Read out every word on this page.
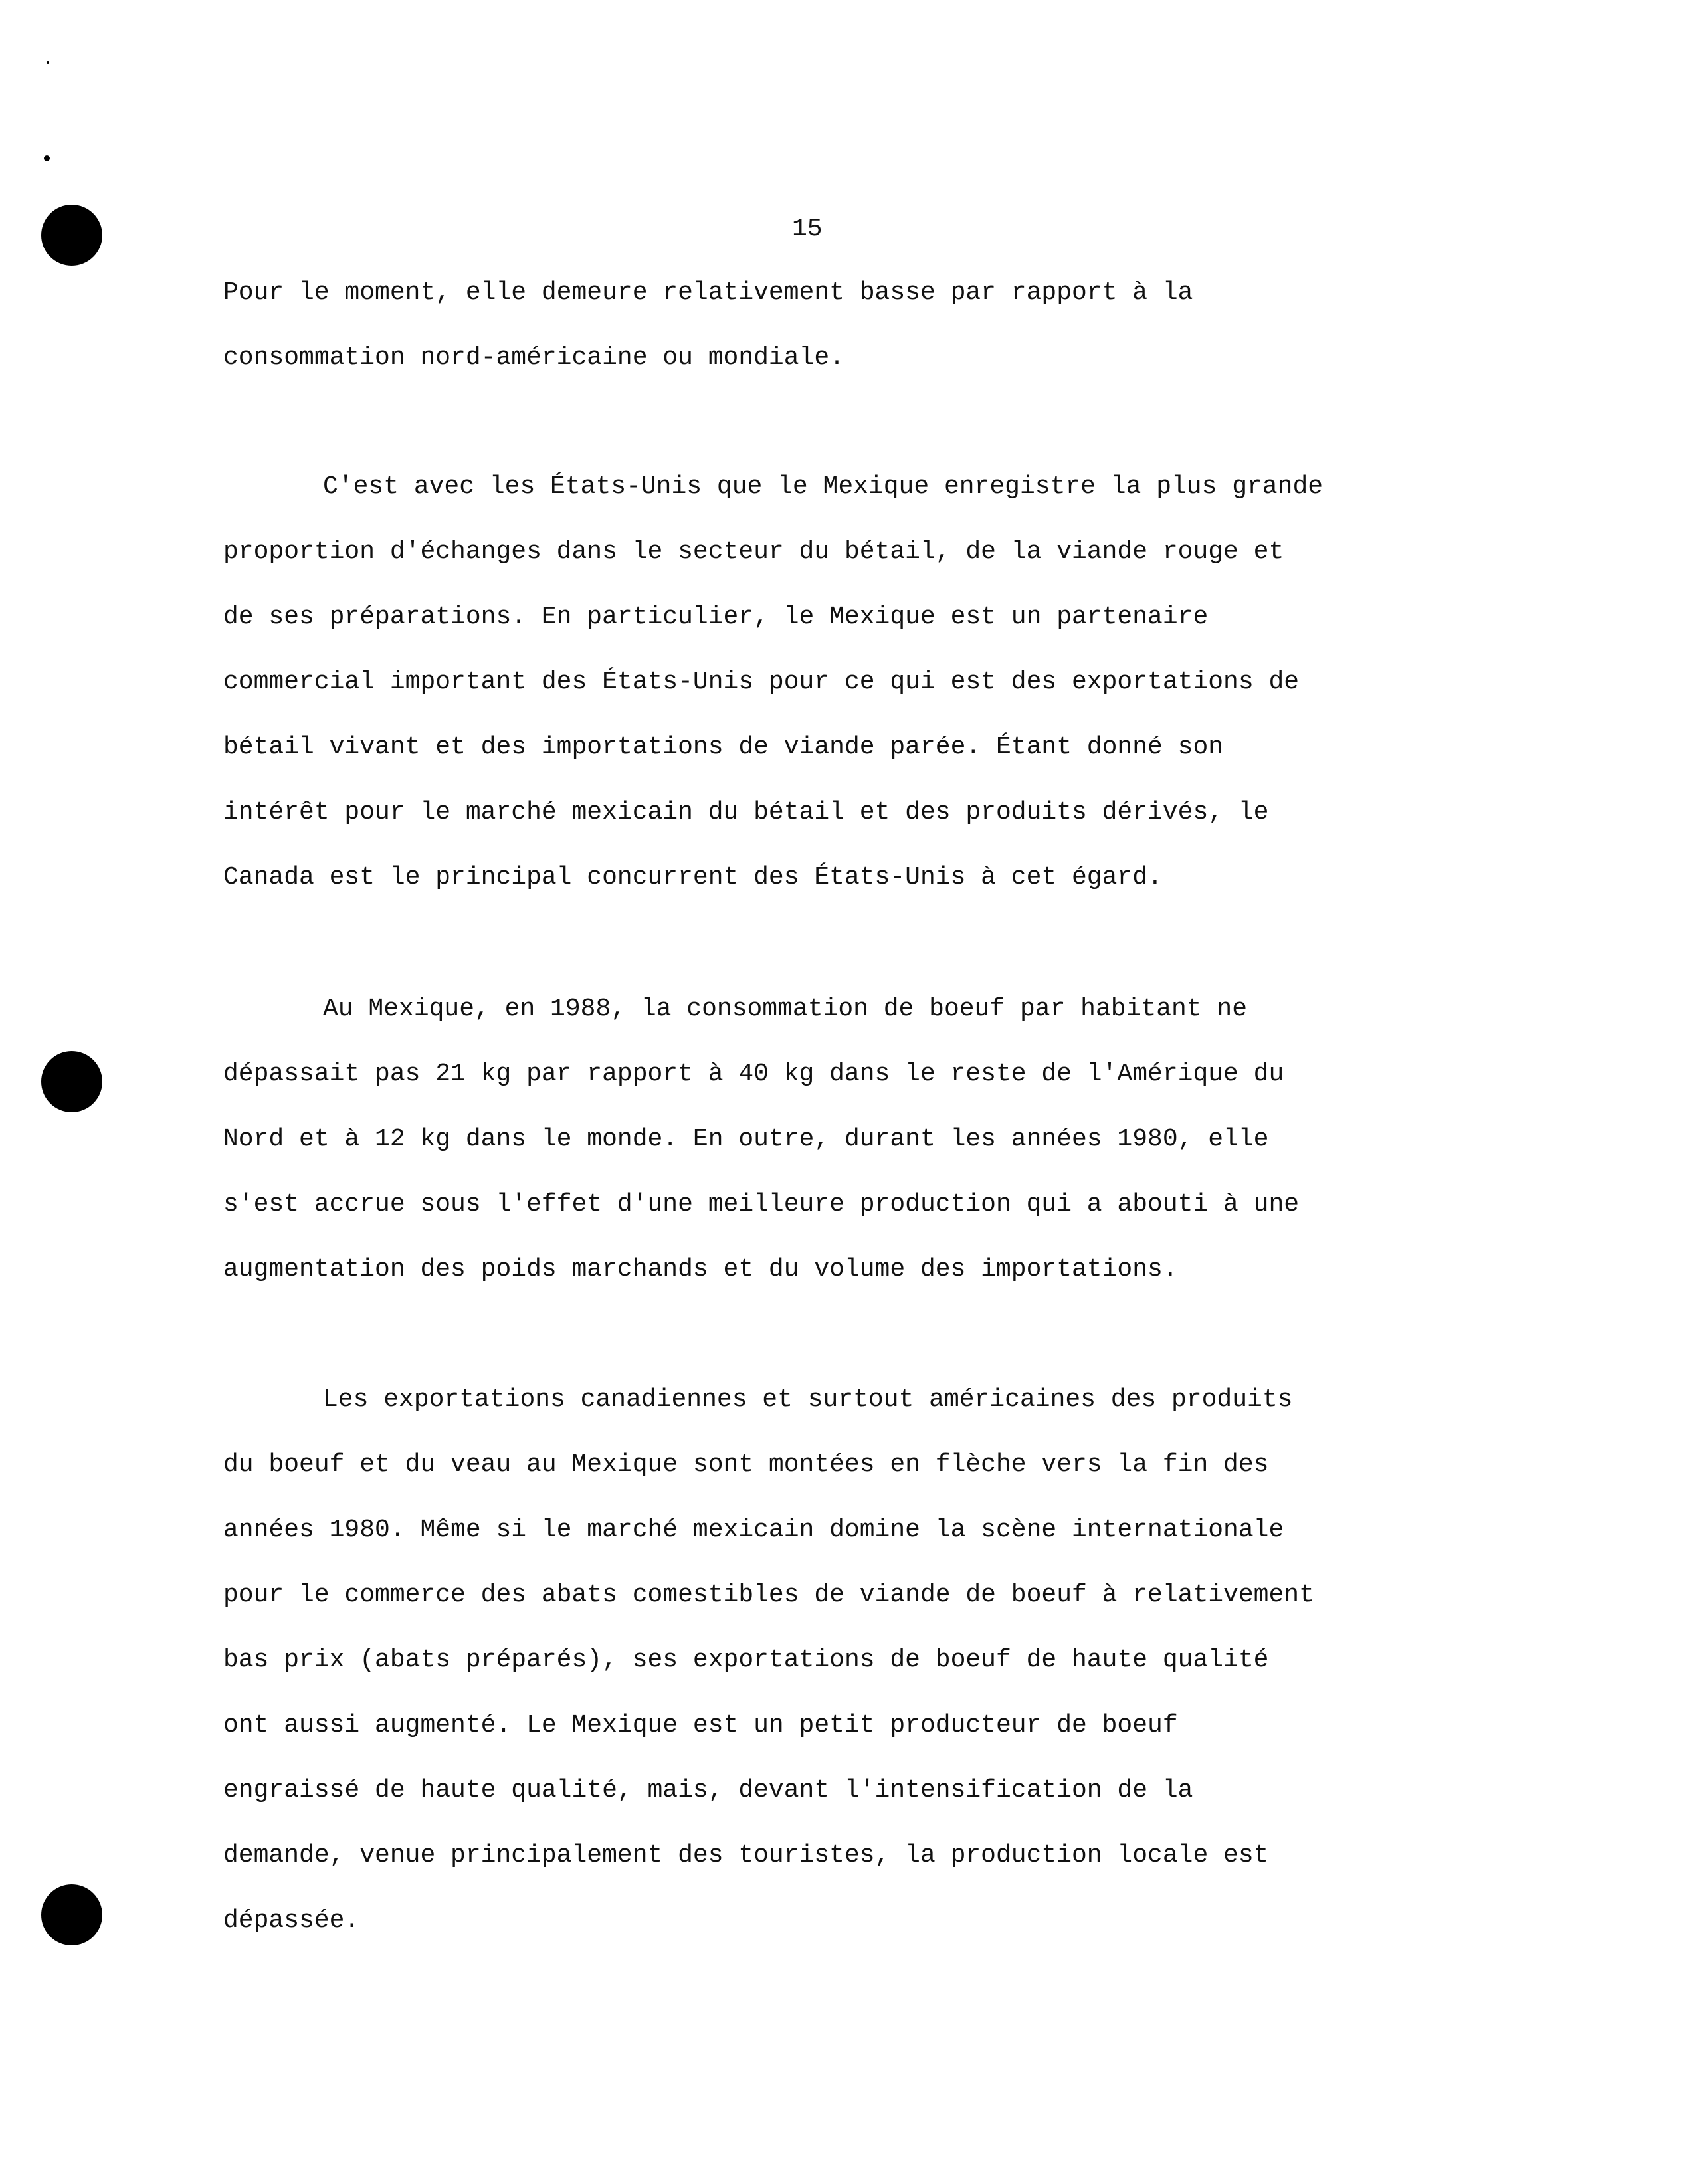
15
Pour le moment, elle demeure relativement basse par rapport à la
consommation nord-américaine ou mondiale.
C'est avec les États-Unis que le Mexique enregistre la plus grande
proportion d'échanges dans le secteur du bétail, de la viande rouge et
de ses préparations. En particulier, le Mexique est un partenaire
commercial important des États-Unis pour ce qui est des exportations de
bétail vivant et des importations de viande parée. Étant donné son
intérêt pour le marché mexicain du bétail et des produits dérivés, le
Canada est le principal concurrent des États-Unis à cet égard.
Au Mexique, en 1988, la consommation de boeuf par habitant ne
dépassait pas 21 kg par rapport à 40 kg dans le reste de l'Amérique du
Nord et à 12 kg dans le monde. En outre, durant les années 1980, elle
s'est accrue sous l'effet d'une meilleure production qui a abouti à une
augmentation des poids marchands et du volume des importations.
Les exportations canadiennes et surtout américaines des produits
du boeuf et du veau au Mexique sont montées en flèche vers la fin des
années 1980. Même si le marché mexicain domine la scène internationale
pour le commerce des abats comestibles de viande de boeuf à relativement
bas prix (abats préparés), ses exportations de boeuf de haute qualité
ont aussi augmenté. Le Mexique est un petit producteur de boeuf
engraissé de haute qualité, mais, devant l'intensification de la
demande, venue principalement des touristes, la production locale est
dépassée.
